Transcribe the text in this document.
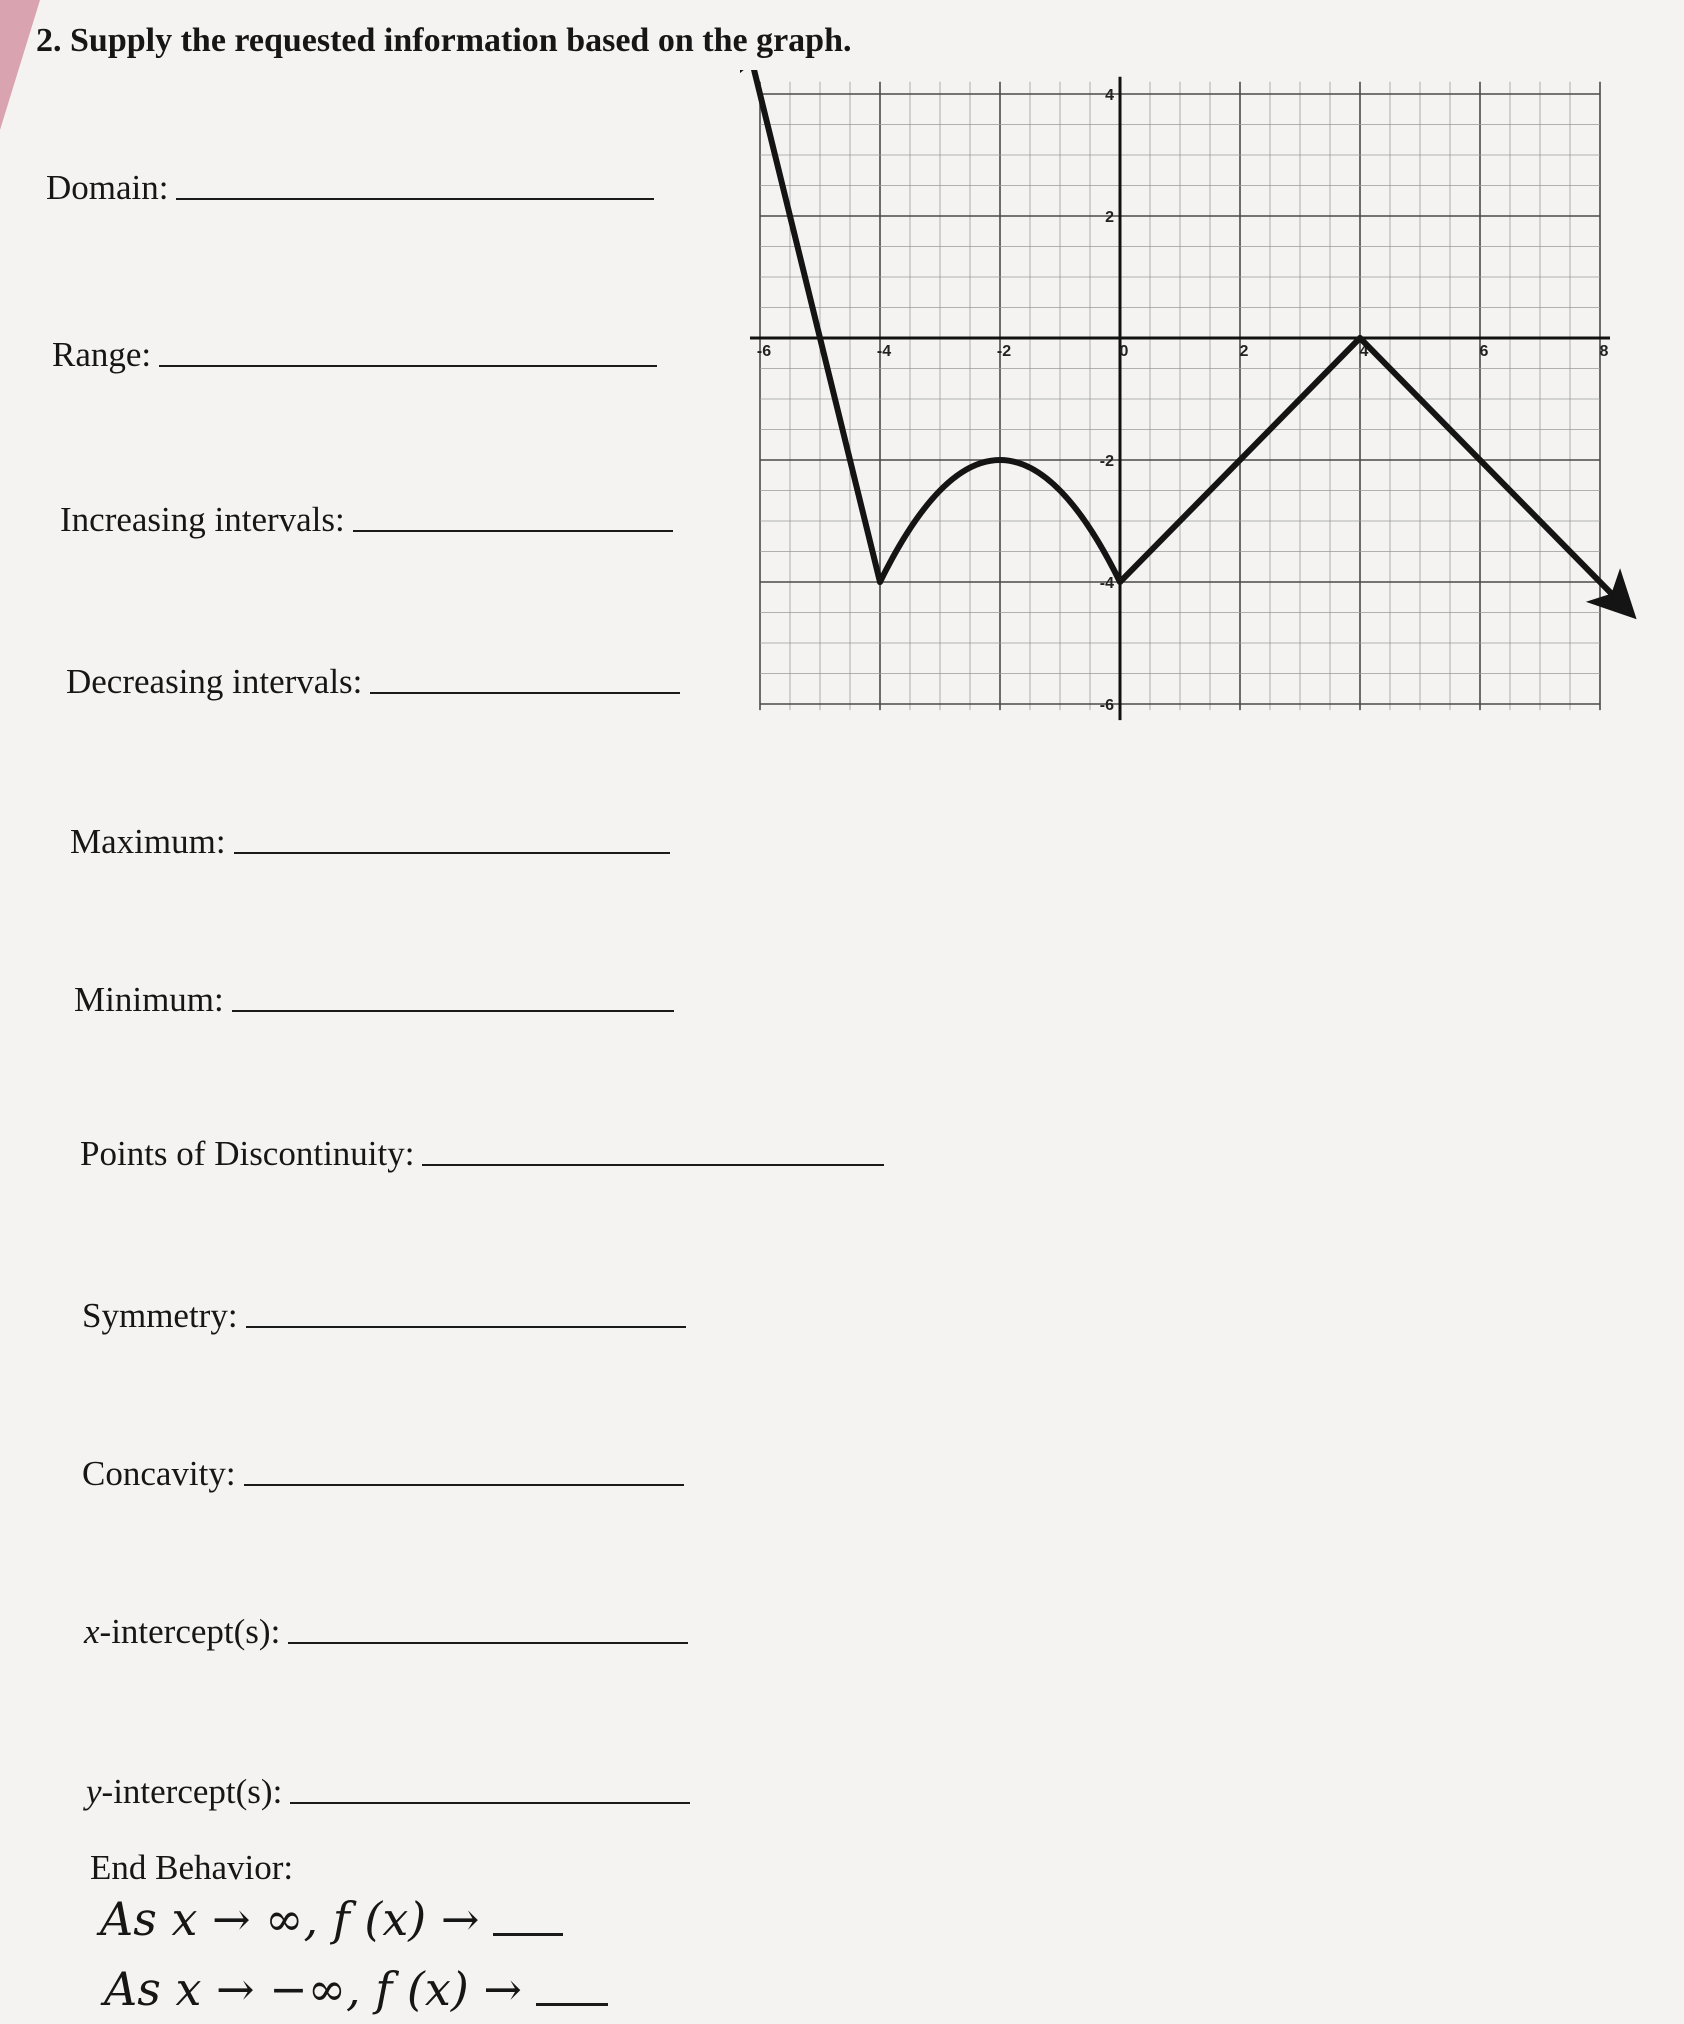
2. Supply the requested information based on the graph.
Domain:
Range:
Increasing intervals:
Decreasing intervals:
Maximum:
Minimum:
Points of Discontinuity:
Symmetry:
Concavity:
x -intercept(s):
y -intercept(s):
End Behavior:
As x → ∞, f (x) →
As x → −∞, f (x) →
-6	-4	-2	0	2	4	6	8
4
2
-2
-4
-6
